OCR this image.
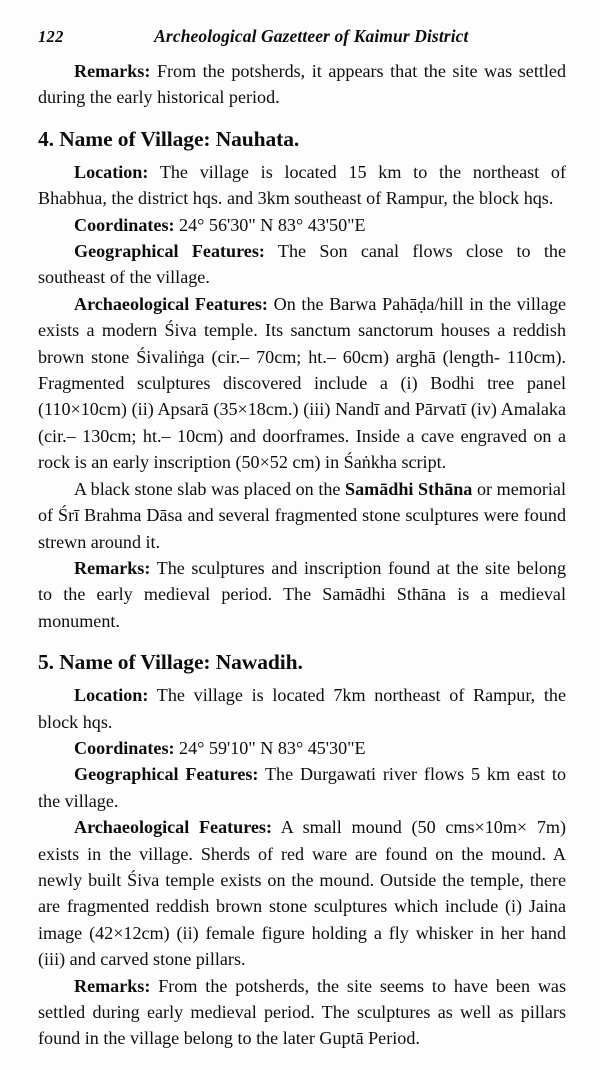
122	Archeological Gazetteer of Kaimur District

Remarks: From the potsherds, it appears that the site was settled during the early historical period.

4. Name of Village: Nauhata.

Location: The village is located 15 km to the northeast of Bhabhua, the district hqs. and 3km southeast of Rampur, the block hqs.

Coordinates: 24° 56'30" N 83° 43'50"E

Geographical Features: The Son canal flows close to the southeast of the village.

Archaeological Features: On the Barwa Pahāḍa/hill in the village exists a modern Śiva temple. Its sanctum sanctorum houses a reddish brown stone Śivaliṅga (cir.– 70cm; ht.– 60cm) arghā (length- 110cm). Fragmented sculptures discovered include a (i) Bodhi tree panel (110×10cm) (ii) Apsarā (35×18cm.) (iii) Nandī and Pārvatī (iv) Amalaka (cir.– 130cm; ht.– 10cm) and doorframes. Inside a cave engraved on a rock is an early inscription (50×52 cm) in Śaṅkha script.

A black stone slab was placed on the Samādhi Sthāna or memorial of Śrī Brahma Dāsa and several fragmented stone sculptures were found strewn around it.

Remarks: The sculptures and inscription found at the site belong to the early medieval period. The Samādhi Sthāna is a medieval monument.

5. Name of Village: Nawadih.

Location: The village is located 7km northeast of Rampur, the block hqs.

Coordinates: 24° 59'10" N 83° 45'30"E

Geographical Features: The Durgawati river flows 5 km east to the village.

Archaeological Features: A small mound (50 cms×10m× 7m) exists in the village. Sherds of red ware are found on the mound. A newly built Śiva temple exists on the mound. Outside the temple, there are fragmented reddish brown stone sculptures which include (i) Jaina image (42×12cm) (ii) female figure holding a fly whisker in her hand (iii) and carved stone pillars.

Remarks: From the potsherds, the site seems to have been was settled during early medieval period. The sculptures as well as pillars found in the village belong to the later Guptā Period.
